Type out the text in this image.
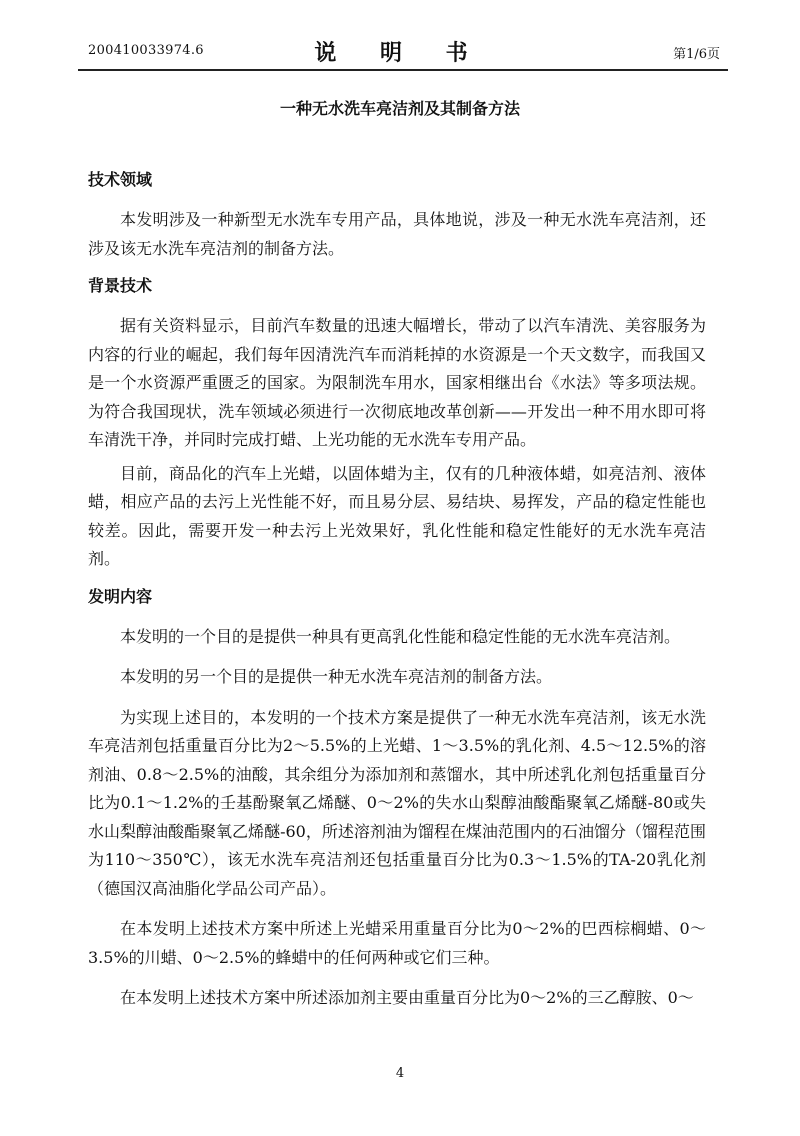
200410033974.6	说 明 书	第1/6页
一种无水洗车亮洁剂及其制备方法
技术领域

本发明涉及一种新型无水洗车专用产品，具体地说，涉及一种无水洗车亮洁剂，还涉及该无水洗车亮洁剂的制备方法。

背景技术

据有关资料显示，目前汽车数量的迅速大幅增长，带动了以汽车清洗、美容服务为内容的行业的崛起，我们每年因清洗汽车而消耗掉的水资源是一个天文数字，而我国又是一个水资源严重匮乏的国家。为限制洗车用水，国家相继出台《水法》等多项法规。为符合我国现状，洗车领域必须进行一次彻底地改革创新——开发出一种不用水即可将车清洗干净，并同时完成打蜡、上光功能的无水洗车专用产品。

目前，商品化的汽车上光蜡，以固体蜡为主，仅有的几种液体蜡，如亮洁剂、液体蜡，相应产品的去污上光性能不好，而且易分层、易结块、易挥发，产品的稳定性能也较差。因此，需要开发一种去污上光效果好，乳化性能和稳定性能好的无水洗车亮洁剂。

发明内容

本发明的一个目的是提供一种具有更高乳化性能和稳定性能的无水洗车亮洁剂。

本发明的另一个目的是提供一种无水洗车亮洁剂的制备方法。

为实现上述目的，本发明的一个技术方案是提供了一种无水洗车亮洁剂，该无水洗车亮洁剂包括重量百分比为2～5.5%的上光蜡、1～3.5%的乳化剂、4.5～12.5%的溶剂油、0.8～2.5%的油酸，其余组分为添加剂和蒸馏水，其中所述乳化剂包括重量百分比为0.1～1.2%的壬基酚聚氧乙烯醚、0～2%的失水山梨醇油酸酯聚氧乙烯醚-80或失水山梨醇油酸酯聚氧乙烯醚-60，所述溶剂油为馏程在煤油范围内的石油馏分（馏程范围为110～350℃），该无水洗车亮洁剂还包括重量百分比为0.3～1.5%的TA-20乳化剂（德国汉高油脂化学品公司产品）。

在本发明上述技术方案中所述上光蜡采用重量百分比为0～2%的巴西棕榈蜡、0～3.5%的川蜡、0～2.5%的蜂蜡中的任何两种或它们三种。

在本发明上述技术方案中所述添加剂主要由重量百分比为0～2%的三乙醇胺、0～

4
